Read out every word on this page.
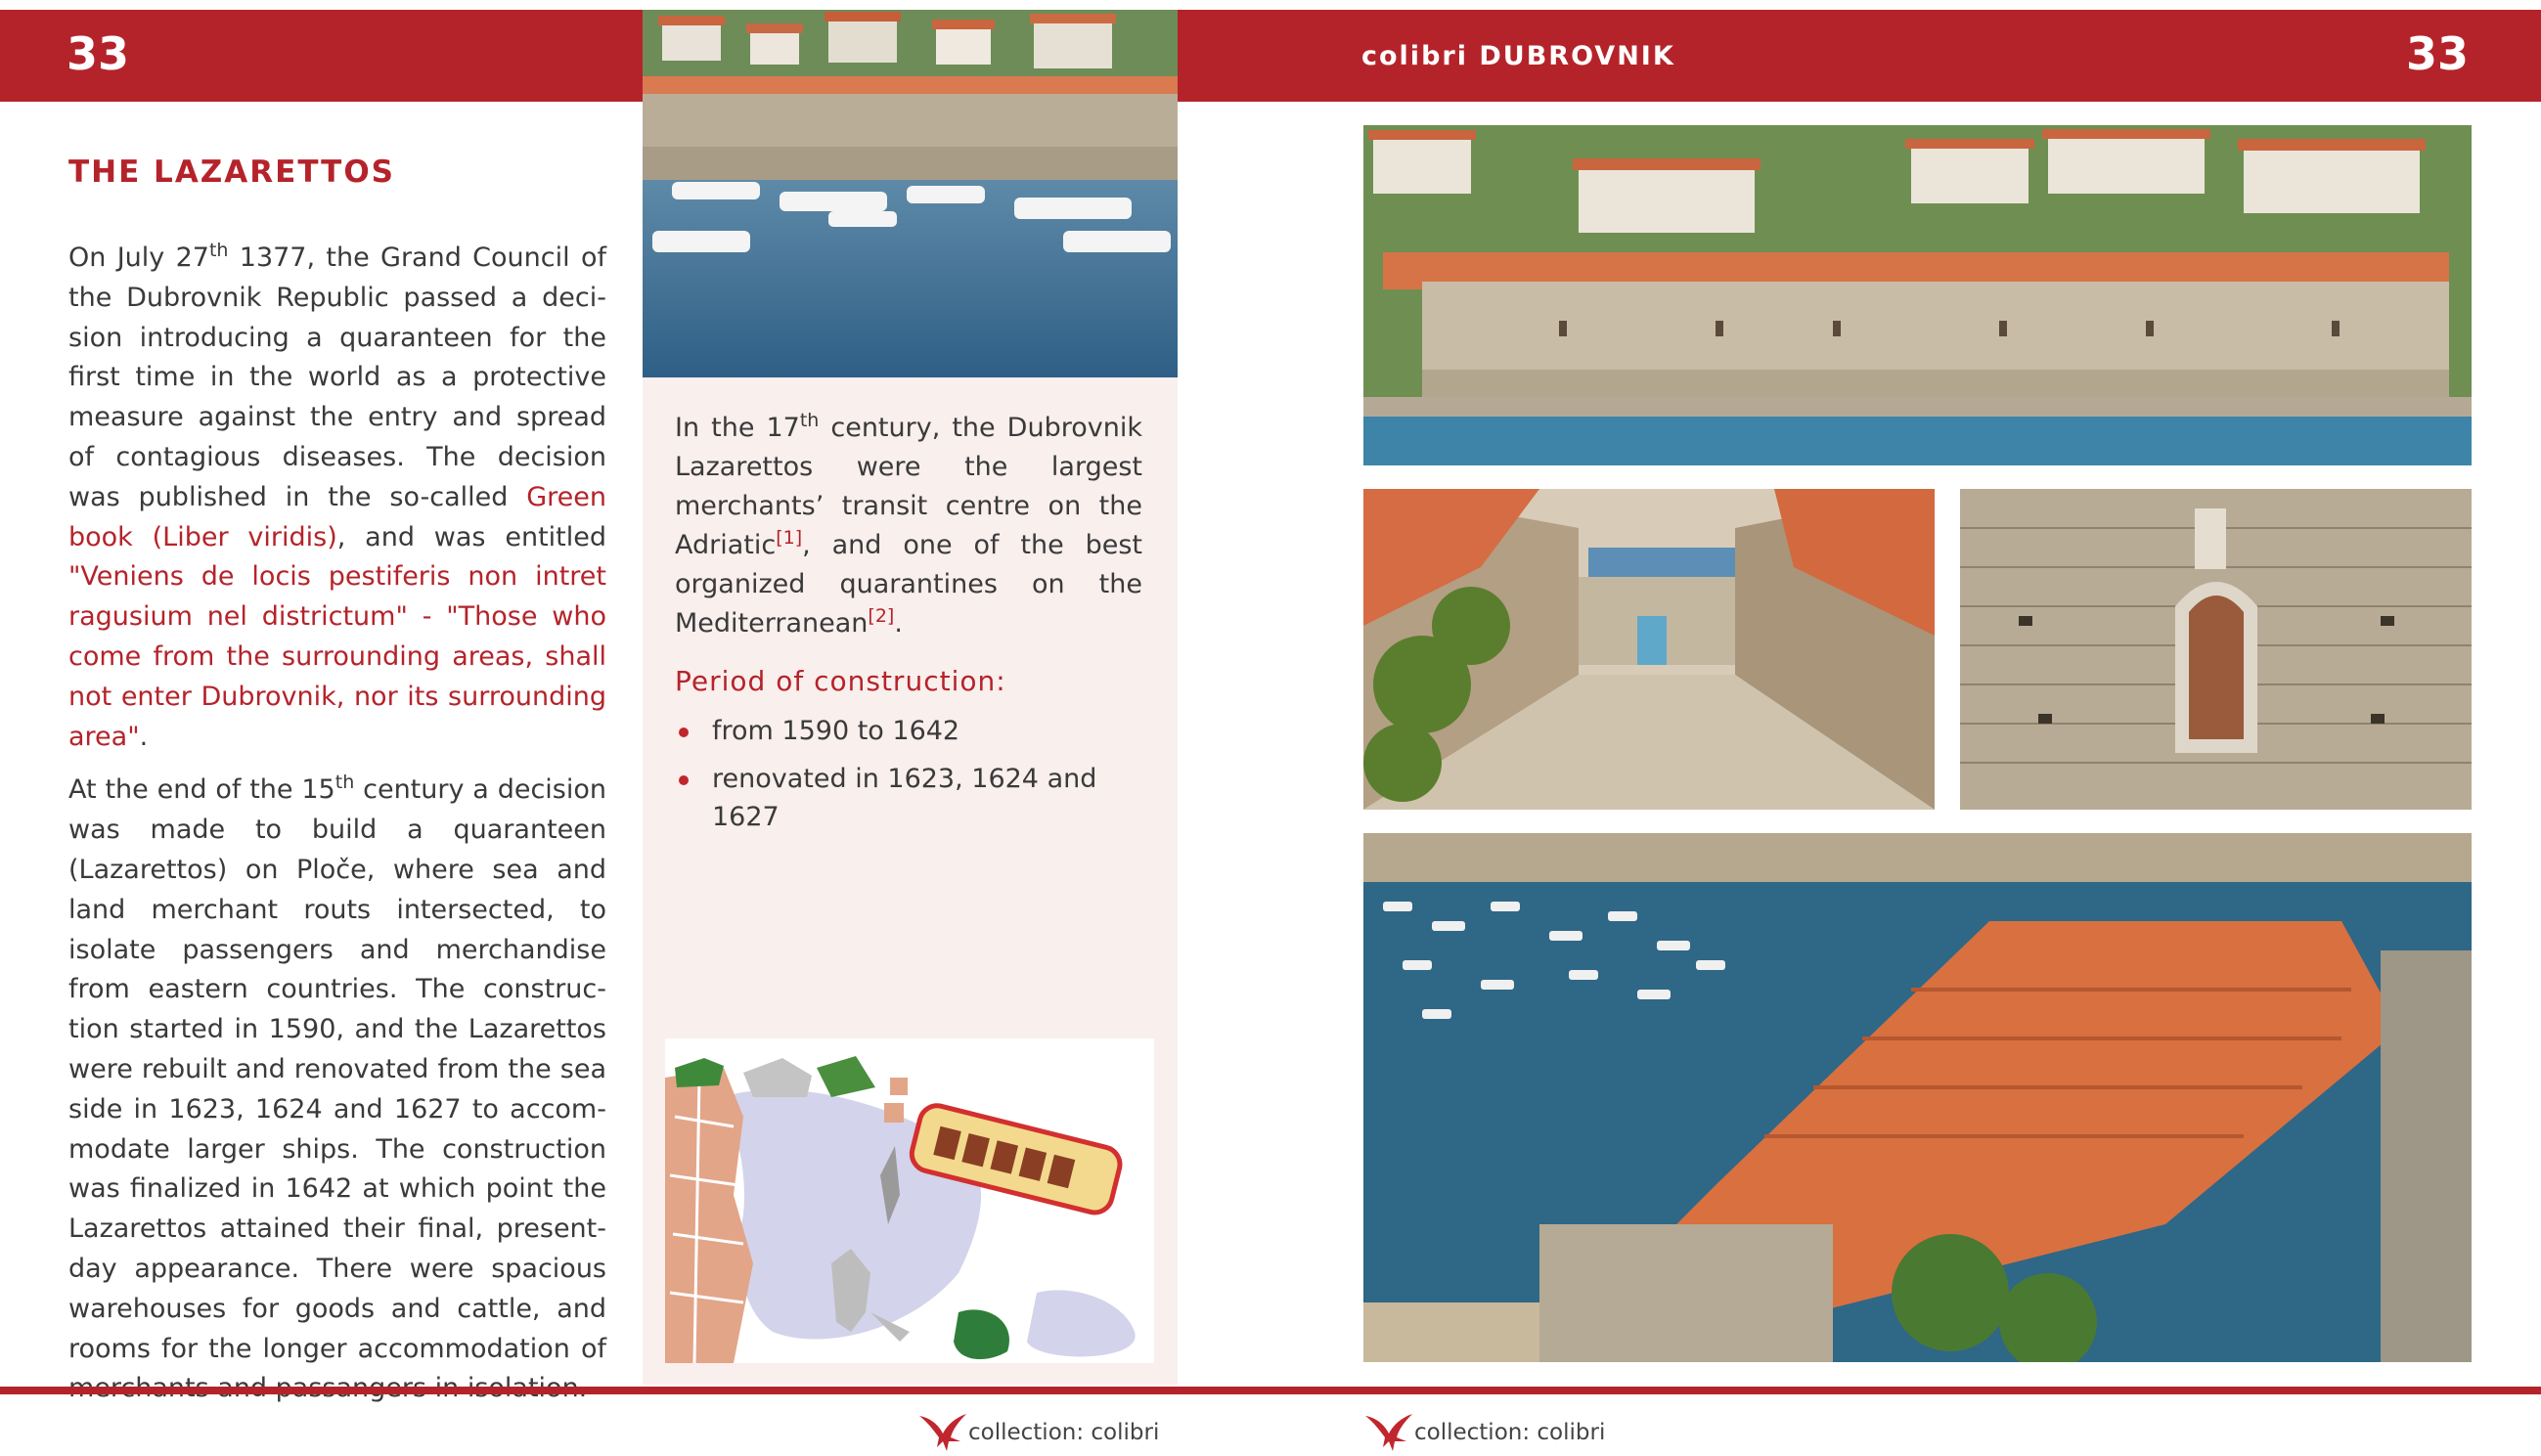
33	colibri DUBROVNIK	33
THE LAZARETTOS

On July 27th 1377, the Grand Council of the Dubrovnik Republic passed a decision introducing a quaranteen for the first time in the world as a protective measure against the entry and spread of contagious diseases. The decision was published in the so-called Green book (Liber viridis), and was entitled "Veniens de locis pestiferis non intret ragusium nel districtum" - "Those who come from the surrounding areas, shall not enter Dubrovnik, nor its surrounding area".

At the end of the 15th century a decision was made to build a quaranteen (Lazarettos) on Ploče, where sea and land merchant routs intersected, to isolate passengers and merchandise from eastern countries. The construction started in 1590, and the Lazarettos were rebuilt and renovated from the sea side in 1623, 1624 and 1627 to accommodate larger ships. The construction was finalized in 1642 at which point the Lazarettos attained their final, present-day appearance. There were spacious warehouses for goods and cattle, and rooms for the longer accommodation of

In the 17th century, the Dubrovnik Lazarettos were the largest merchants’ transit centre on the Adriatic[1], and one of the best organized quarantines on the Mediterranean[2].

Period of construction:
from 1590 to 1642
renovated in 1623, 1624 and 1627
collection: colibri	collection: colibri
